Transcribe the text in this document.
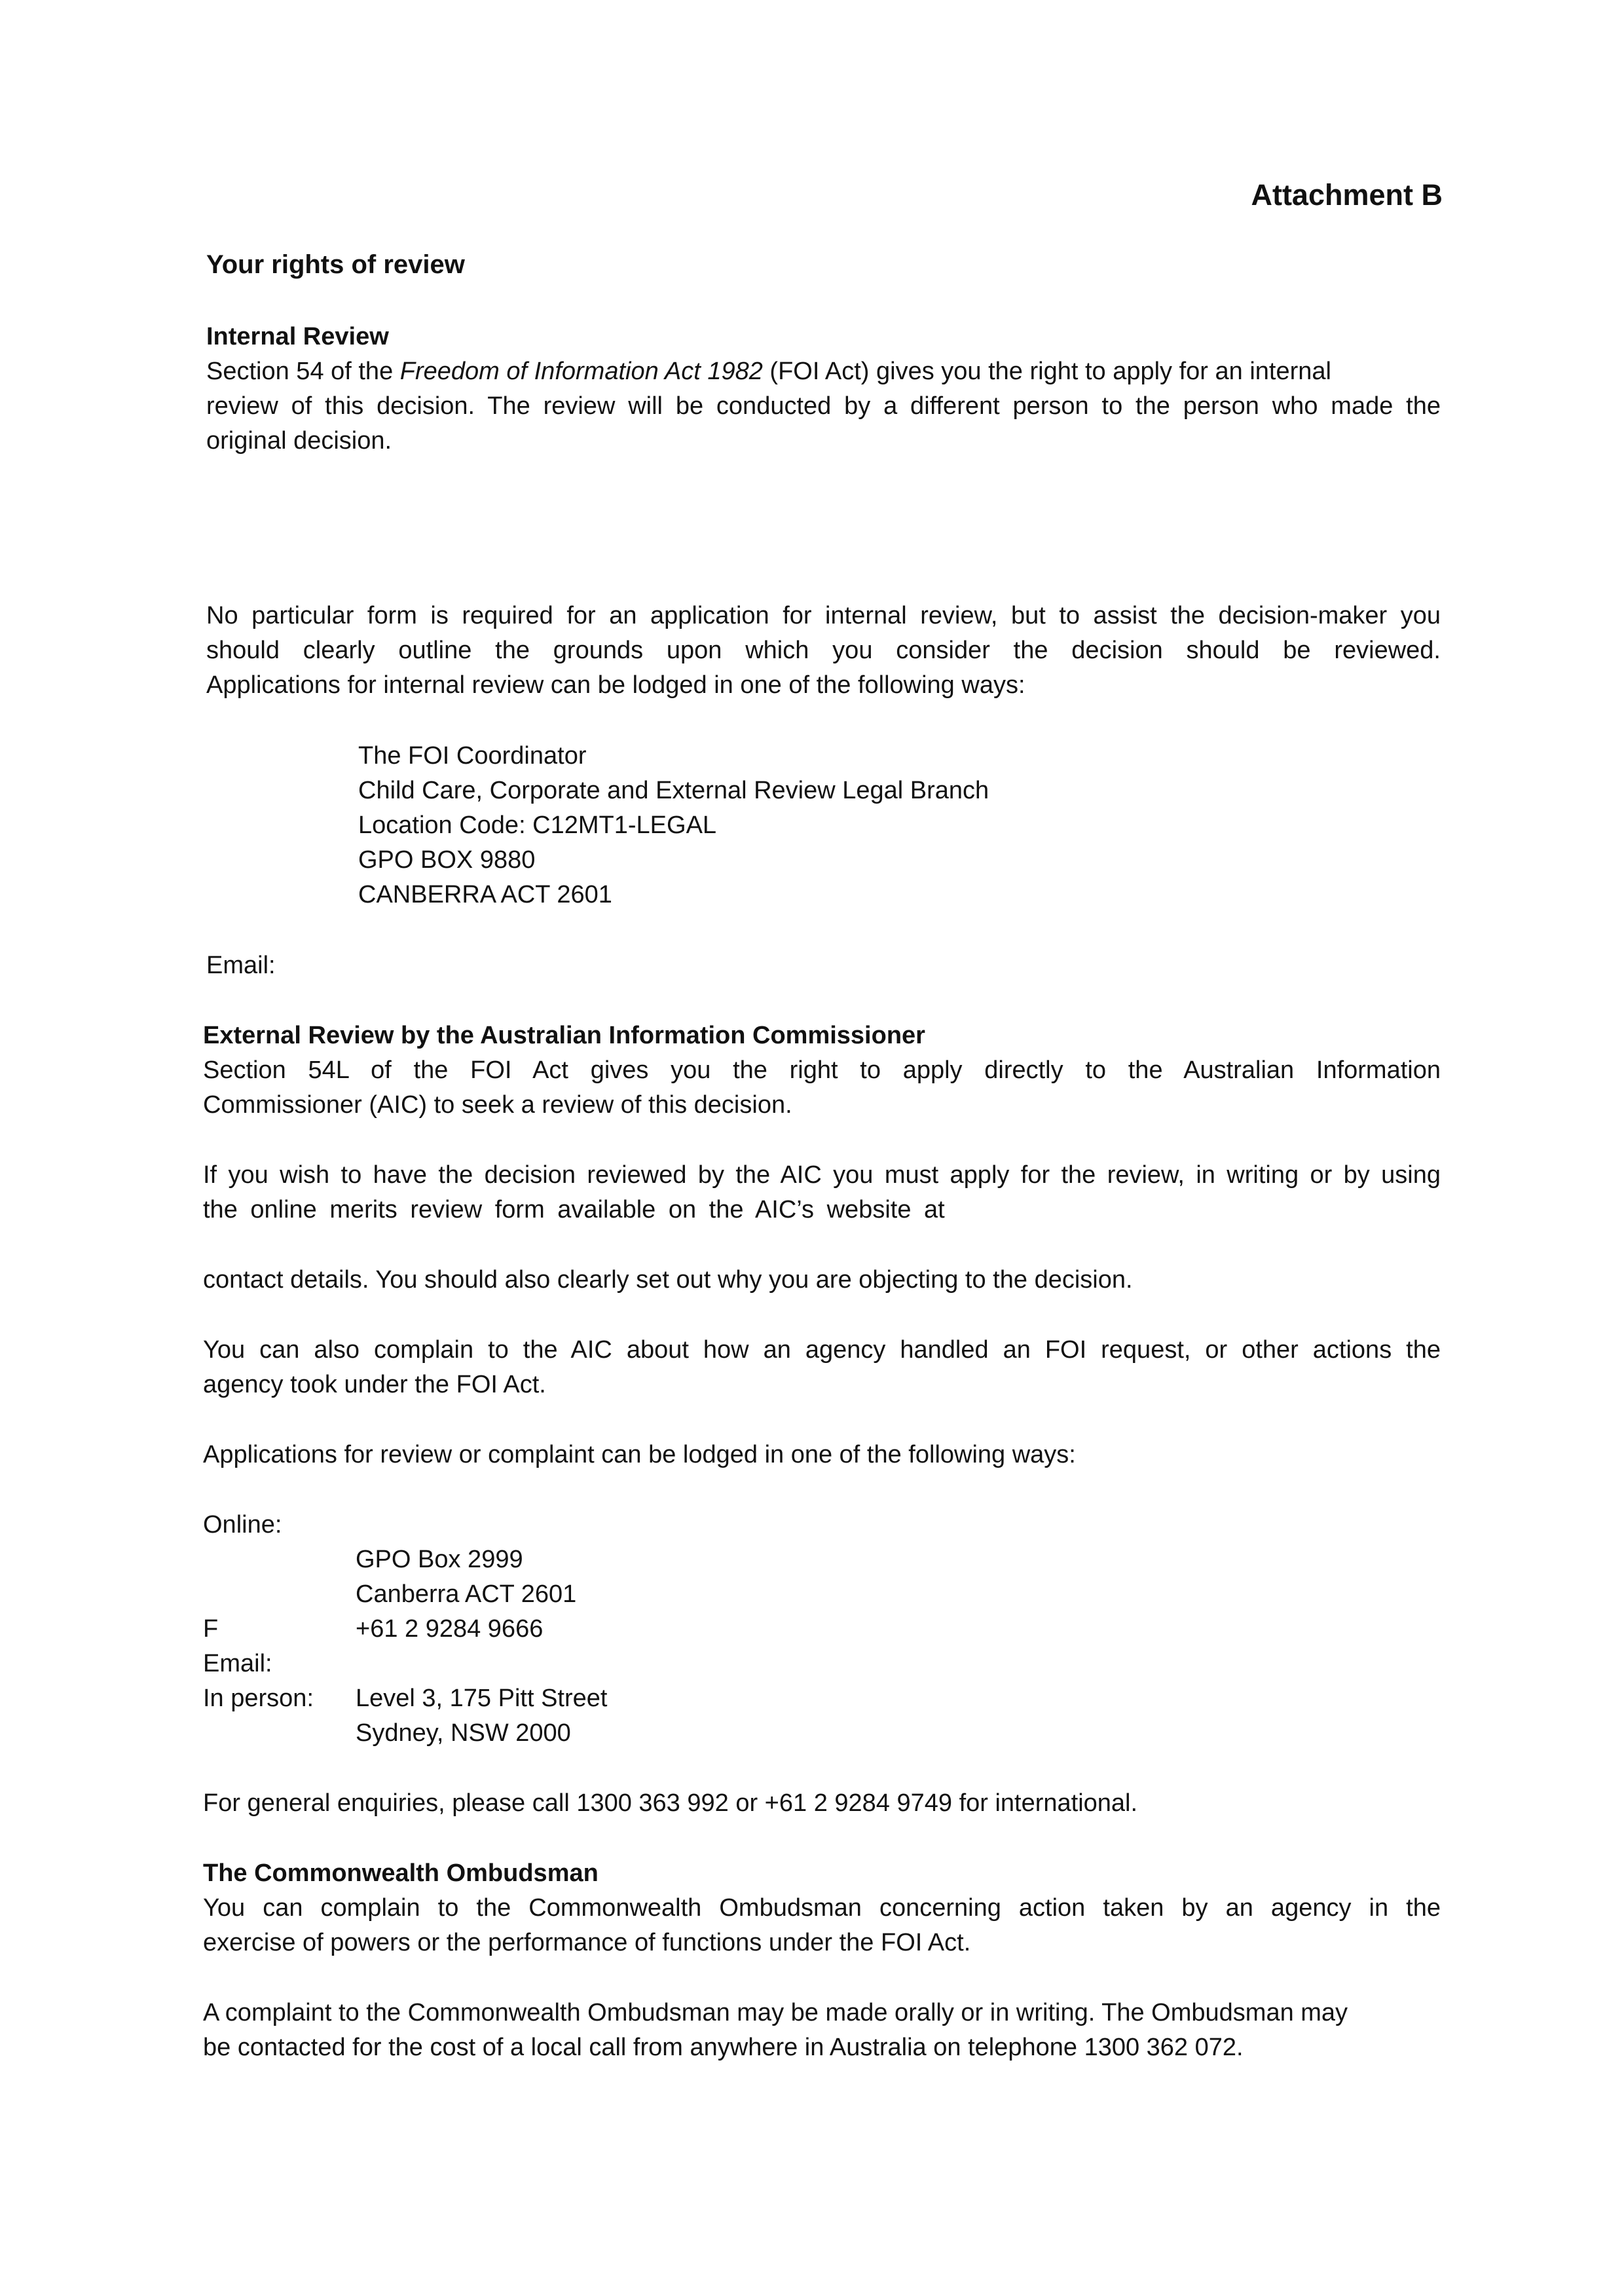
Attachment B
Your rights of review
Internal Review
Section 54 of the Freedom of Information Act 1982 (FOI Act) gives you the right to apply for an internal
review of this decision. The review will be conducted by a different person to the person who made the
original decision.
No particular form is required for an application for internal review, but to assist the decision-maker you
should clearly outline the grounds upon which you consider the decision should be reviewed.
Applications for internal review can be lodged in one of the following ways:
The FOI Coordinator
Child Care, Corporate and External Review Legal Branch
Location Code: C12MT1-LEGAL
GPO BOX 9880
CANBERRA ACT 2601
Email:
External Review by the Australian Information Commissioner
Section 54L of the FOI Act gives you the right to apply directly to the Australian Information
Commissioner (AIC) to seek a review of this decision.
If you wish to have the decision reviewed by the AIC you must apply for the review, in writing or by using
the online merits review form available on the AIC’s website at
contact details. You should also clearly set out why you are objecting to the decision.
You can also complain to the AIC about how an agency handled an FOI request, or other actions the
agency took under the FOI Act.
Applications for review or complaint can be lodged in one of the following ways:
Online:
GPO Box 2999
Canberra ACT 2601
F	+61 2 9284 9666
Email:
In person: Level 3, 175 Pitt Street
Sydney, NSW 2000
For general enquiries, please call 1300 363 992 or +61 2 9284 9749 for international.
The Commonwealth Ombudsman
You can complain to the Commonwealth Ombudsman concerning action taken by an agency in the
exercise of powers or the performance of functions under the FOI Act.
A complaint to the Commonwealth Ombudsman may be made orally or in writing. The Ombudsman may
be contacted for the cost of a local call from anywhere in Australia on telephone 1300 362 072.
